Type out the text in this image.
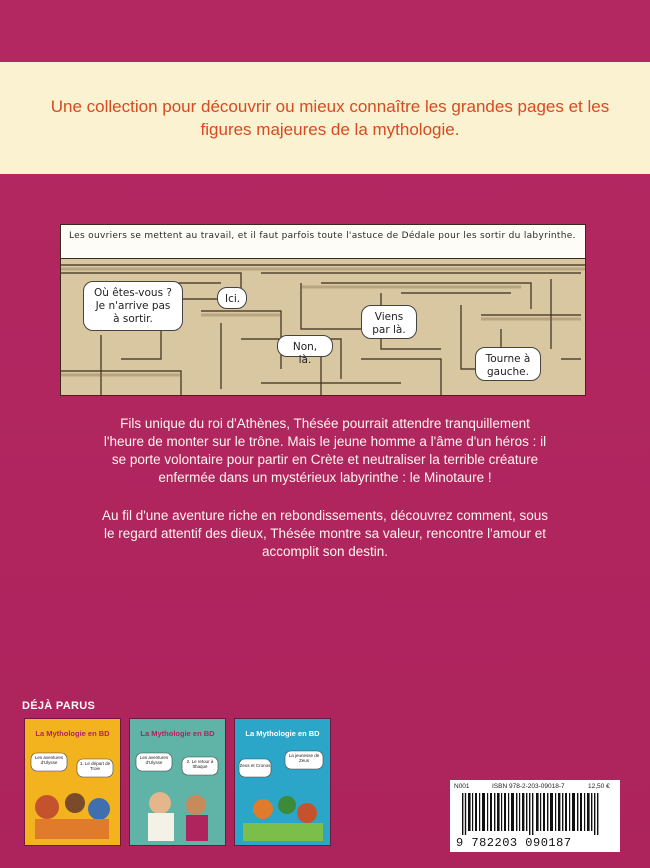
Une collection pour découvrir ou mieux connaître les grandes pages et les figures majeures de la mythologie.
Les ouvriers se mettent au travail, et il faut parfois toute l'astuce de Dédale pour les sortir du labyrinthe.
Où êtes-vous ? Je n'arrive pas à sortir.
Ici.
Non, là.
Viens par là.
Tourne à gauche.
Fils unique du roi d'Athènes, Thésée pourrait attendre tranquillement l'heure de monter sur le trône. Mais le jeune homme a l'âme d'un héros : il se porte volontaire pour partir en Crète et neutraliser la terrible créature enfermée dans un mystérieux labyrinthe : le Minotaure !
Au fil d'une aventure riche en rebondissements, découvrez comment, sous le regard attentif des dieux, Thésée montre sa valeur, rencontre l'amour et accomplit son destin.
DÉJÀ PARUS
La Mythologie en BD
Les aventures d'Ulysse	1. Le départ de Troie
La Mythologie en BD
Les aventures d'Ulysse	2. Le retour à Ithaque
La Mythologie en BD
Zeus et Cronos
La jeunesse de Zeus
N001	ISBN 978-2-203-09018-7	12,50 €
9 782203 090187
